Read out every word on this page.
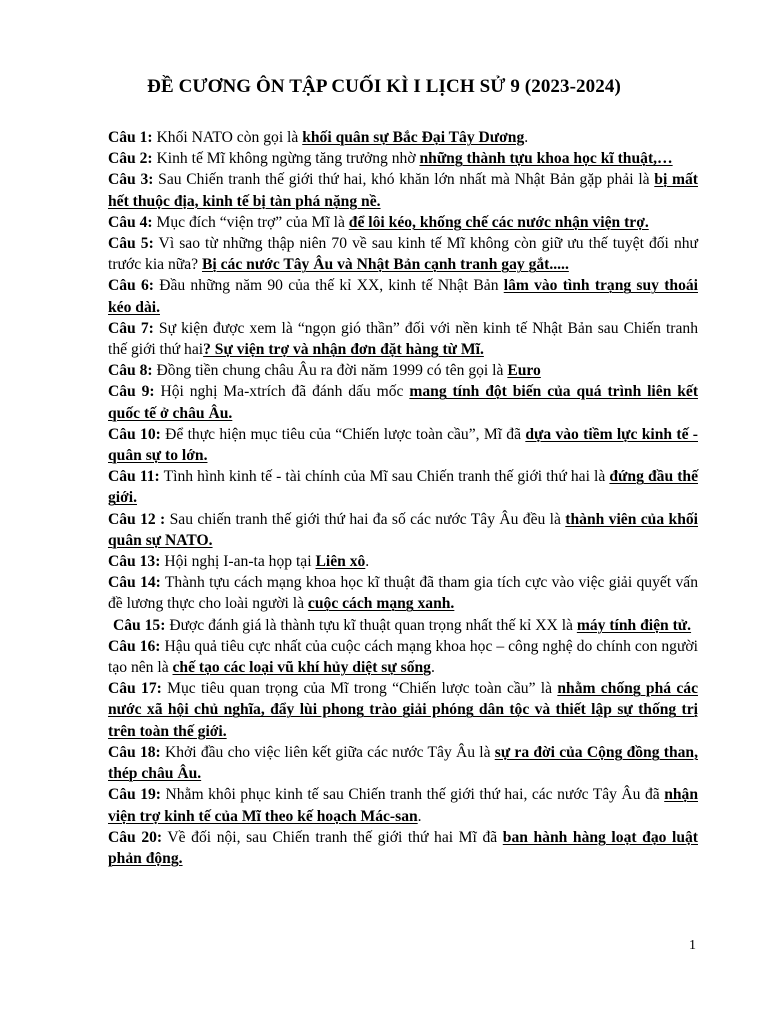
ĐỀ CƯƠNG ÔN TẬP CUỐI KÌ I LỊCH SỬ 9 (2023-2024)

Câu 1: Khối NATO còn gọi là khối quân sự Bắc Đại Tây Dương.

Câu 2: Kinh tế Mĩ không ngừng tăng trưởng nhờ những thành tựu khoa học kĩ thuật,…

Câu 3: Sau Chiến tranh thế giới thứ hai, khó khăn lớn nhất mà Nhật Bản gặp phải là bị mất hết thuộc địa, kinh tế bị tàn phá nặng nề.

Câu 4: Mục đích “viện trợ” của Mĩ là để lôi kéo, khống chế các nước nhận viện trợ.

Câu 5: Vì sao từ những thập niên 70 về sau kinh tế Mĩ không còn giữ ưu thế tuyệt đối như trước kia nữa? Bị các nước Tây Âu và Nhật Bản cạnh tranh gay gắt.....

Câu 6: Đầu những năm 90 của thế kỉ XX, kinh tế Nhật Bản lâm vào tình trạng suy thoái kéo dài.

Câu 7: Sự kiện được xem là “ngọn gió thần” đối với nền kinh tế Nhật Bản sau Chiến tranh thế giới thứ hai? Sự viện trợ và nhận đơn đặt hàng từ Mĩ.

Câu 8: Đồng tiền chung châu Âu ra đời năm 1999 có tên gọi là Euro

Câu 9: Hội nghị Ma-xtrích đã đánh dấu mốc mang tính đột biến của quá trình liên kết quốc tế ở châu Âu.

Câu 10: Để thực hiện mục tiêu của “Chiến lược toàn cầu”, Mĩ đã dựa vào tiềm lực kinh tế - quân sự to lớn.

Câu 11: Tình hình kinh tế - tài chính của Mĩ sau Chiến tranh thế giới thứ hai là đứng đầu thế giới.

Câu 12 : Sau chiến tranh thế giới thứ hai đa số các nước Tây Âu đều là thành viên của khối quân sự NATO.

Câu 13: Hội nghị I-an-ta họp tại Liên xô.

Câu 14: Thành tựu cách mạng khoa học kĩ thuật đã tham gia tích cực vào việc giải quyết vấn đề lương thực cho loài người là cuộc cách mạng xanh.

Câu 15: Được đánh giá là thành tựu kĩ thuật quan trọng nhất thế kỉ XX là máy tính điện tử.

Câu 16: Hậu quả tiêu cực nhất của cuộc cách mạng khoa học – công nghệ do chính con người tạo nên là chế tạo các loại vũ khí hủy diệt sự sống.

Câu 17: Mục tiêu quan trọng của Mĩ trong “Chiến lược toàn cầu” là nhằm chống phá các nước xã hội chủ nghĩa, đẩy lùi phong trào giải phóng dân tộc và thiết lập sự thống trị trên toàn thế giới.

Câu 18: Khởi đầu cho việc liên kết giữa các nước Tây Âu là sự ra đời của Cộng đồng than, thép châu Âu.

Câu 19: Nhằm khôi phục kinh tế sau Chiến tranh thế giới thứ hai, các nước Tây Âu đã nhận viện trợ kinh tế của Mĩ theo kế hoạch Mác-san.

Câu 20: Về đối nội, sau Chiến tranh thế giới thứ hai Mĩ đã ban hành hàng loạt đạo luật phản động.

1
